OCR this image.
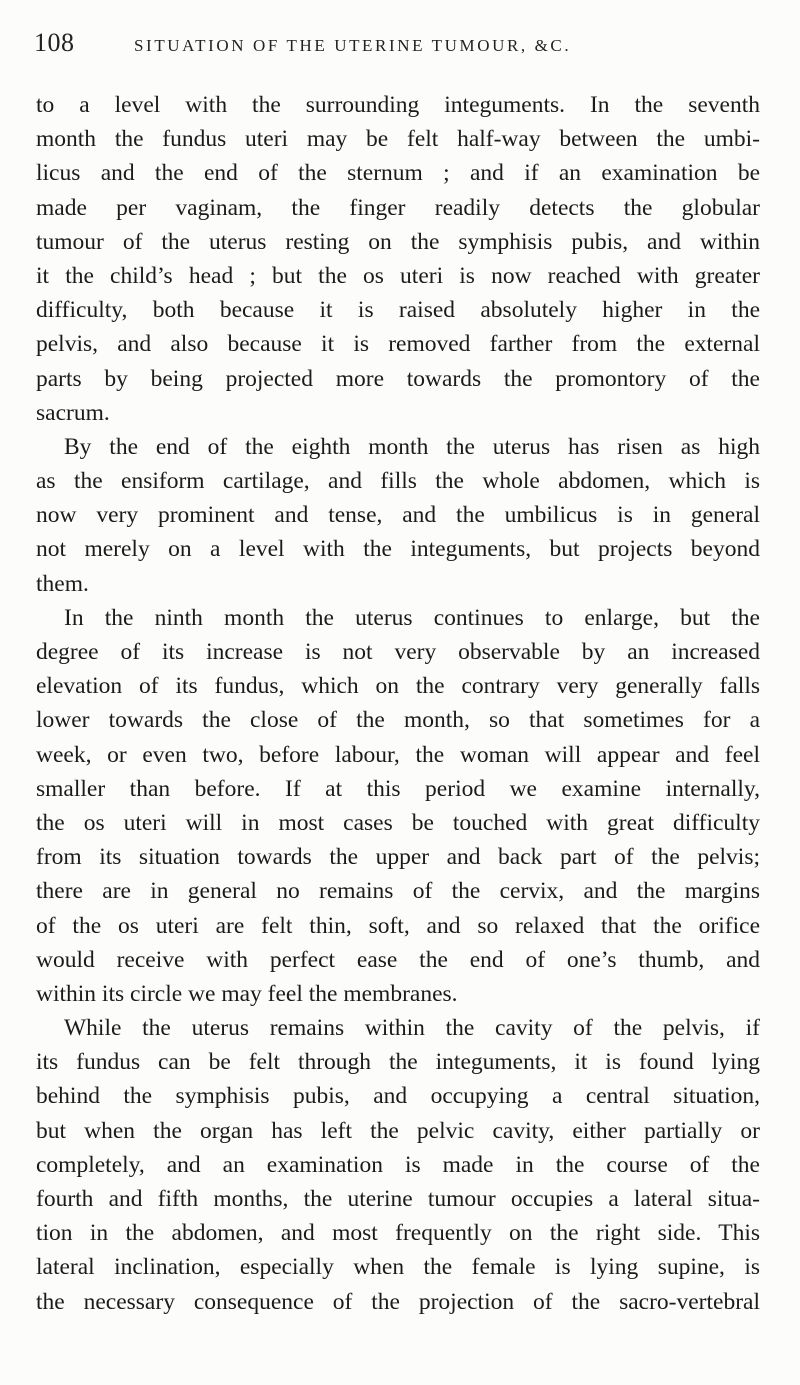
108	SITUATION OF THE UTERINE TUMOUR, &C.
to a level with the surrounding integuments. In the seventh
month the fundus uteri may be felt half-way between the umbi-
licus and the end of the sternum ; and if an examination be
made per vaginam, the finger readily detects the globular
tumour of the uterus resting on the symphisis pubis, and within
it the child’s head ; but the os uteri is now reached with greater
difficulty, both because it is raised absolutely higher in the
pelvis, and also because it is removed farther from the external
parts by being projected more towards the promontory of the
sacrum.
By the end of the eighth month the uterus has risen as high
as the ensiform cartilage, and fills the whole abdomen, which is
now very prominent and tense, and the umbilicus is in general
not merely on a level with the integuments, but projects beyond
them.
In the ninth month the uterus continues to enlarge, but the
degree of its increase is not very observable by an increased
elevation of its fundus, which on the contrary very generally falls
lower towards the close of the month, so that sometimes for a
week, or even two, before labour, the woman will appear and feel
smaller than before. If at this period we examine internally,
the os uteri will in most cases be touched with great difficulty
from its situation towards the upper and back part of the pelvis;
there are in general no remains of the cervix, and the margins
of the os uteri are felt thin, soft, and so relaxed that the orifice
would receive with perfect ease the end of one’s thumb, and
within its circle we may feel the membranes.
While the uterus remains within the cavity of the pelvis, if
its fundus can be felt through the integuments, it is found lying
behind the symphisis pubis, and occupying a central situation,
but when the organ has left the pelvic cavity, either partially or
completely, and an examination is made in the course of the
fourth and fifth months, the uterine tumour occupies a lateral situa-
tion in the abdomen, and most frequently on the right side. This
lateral inclination, especially when the female is lying supine, is
the necessary consequence of the projection of the sacro-vertebral
